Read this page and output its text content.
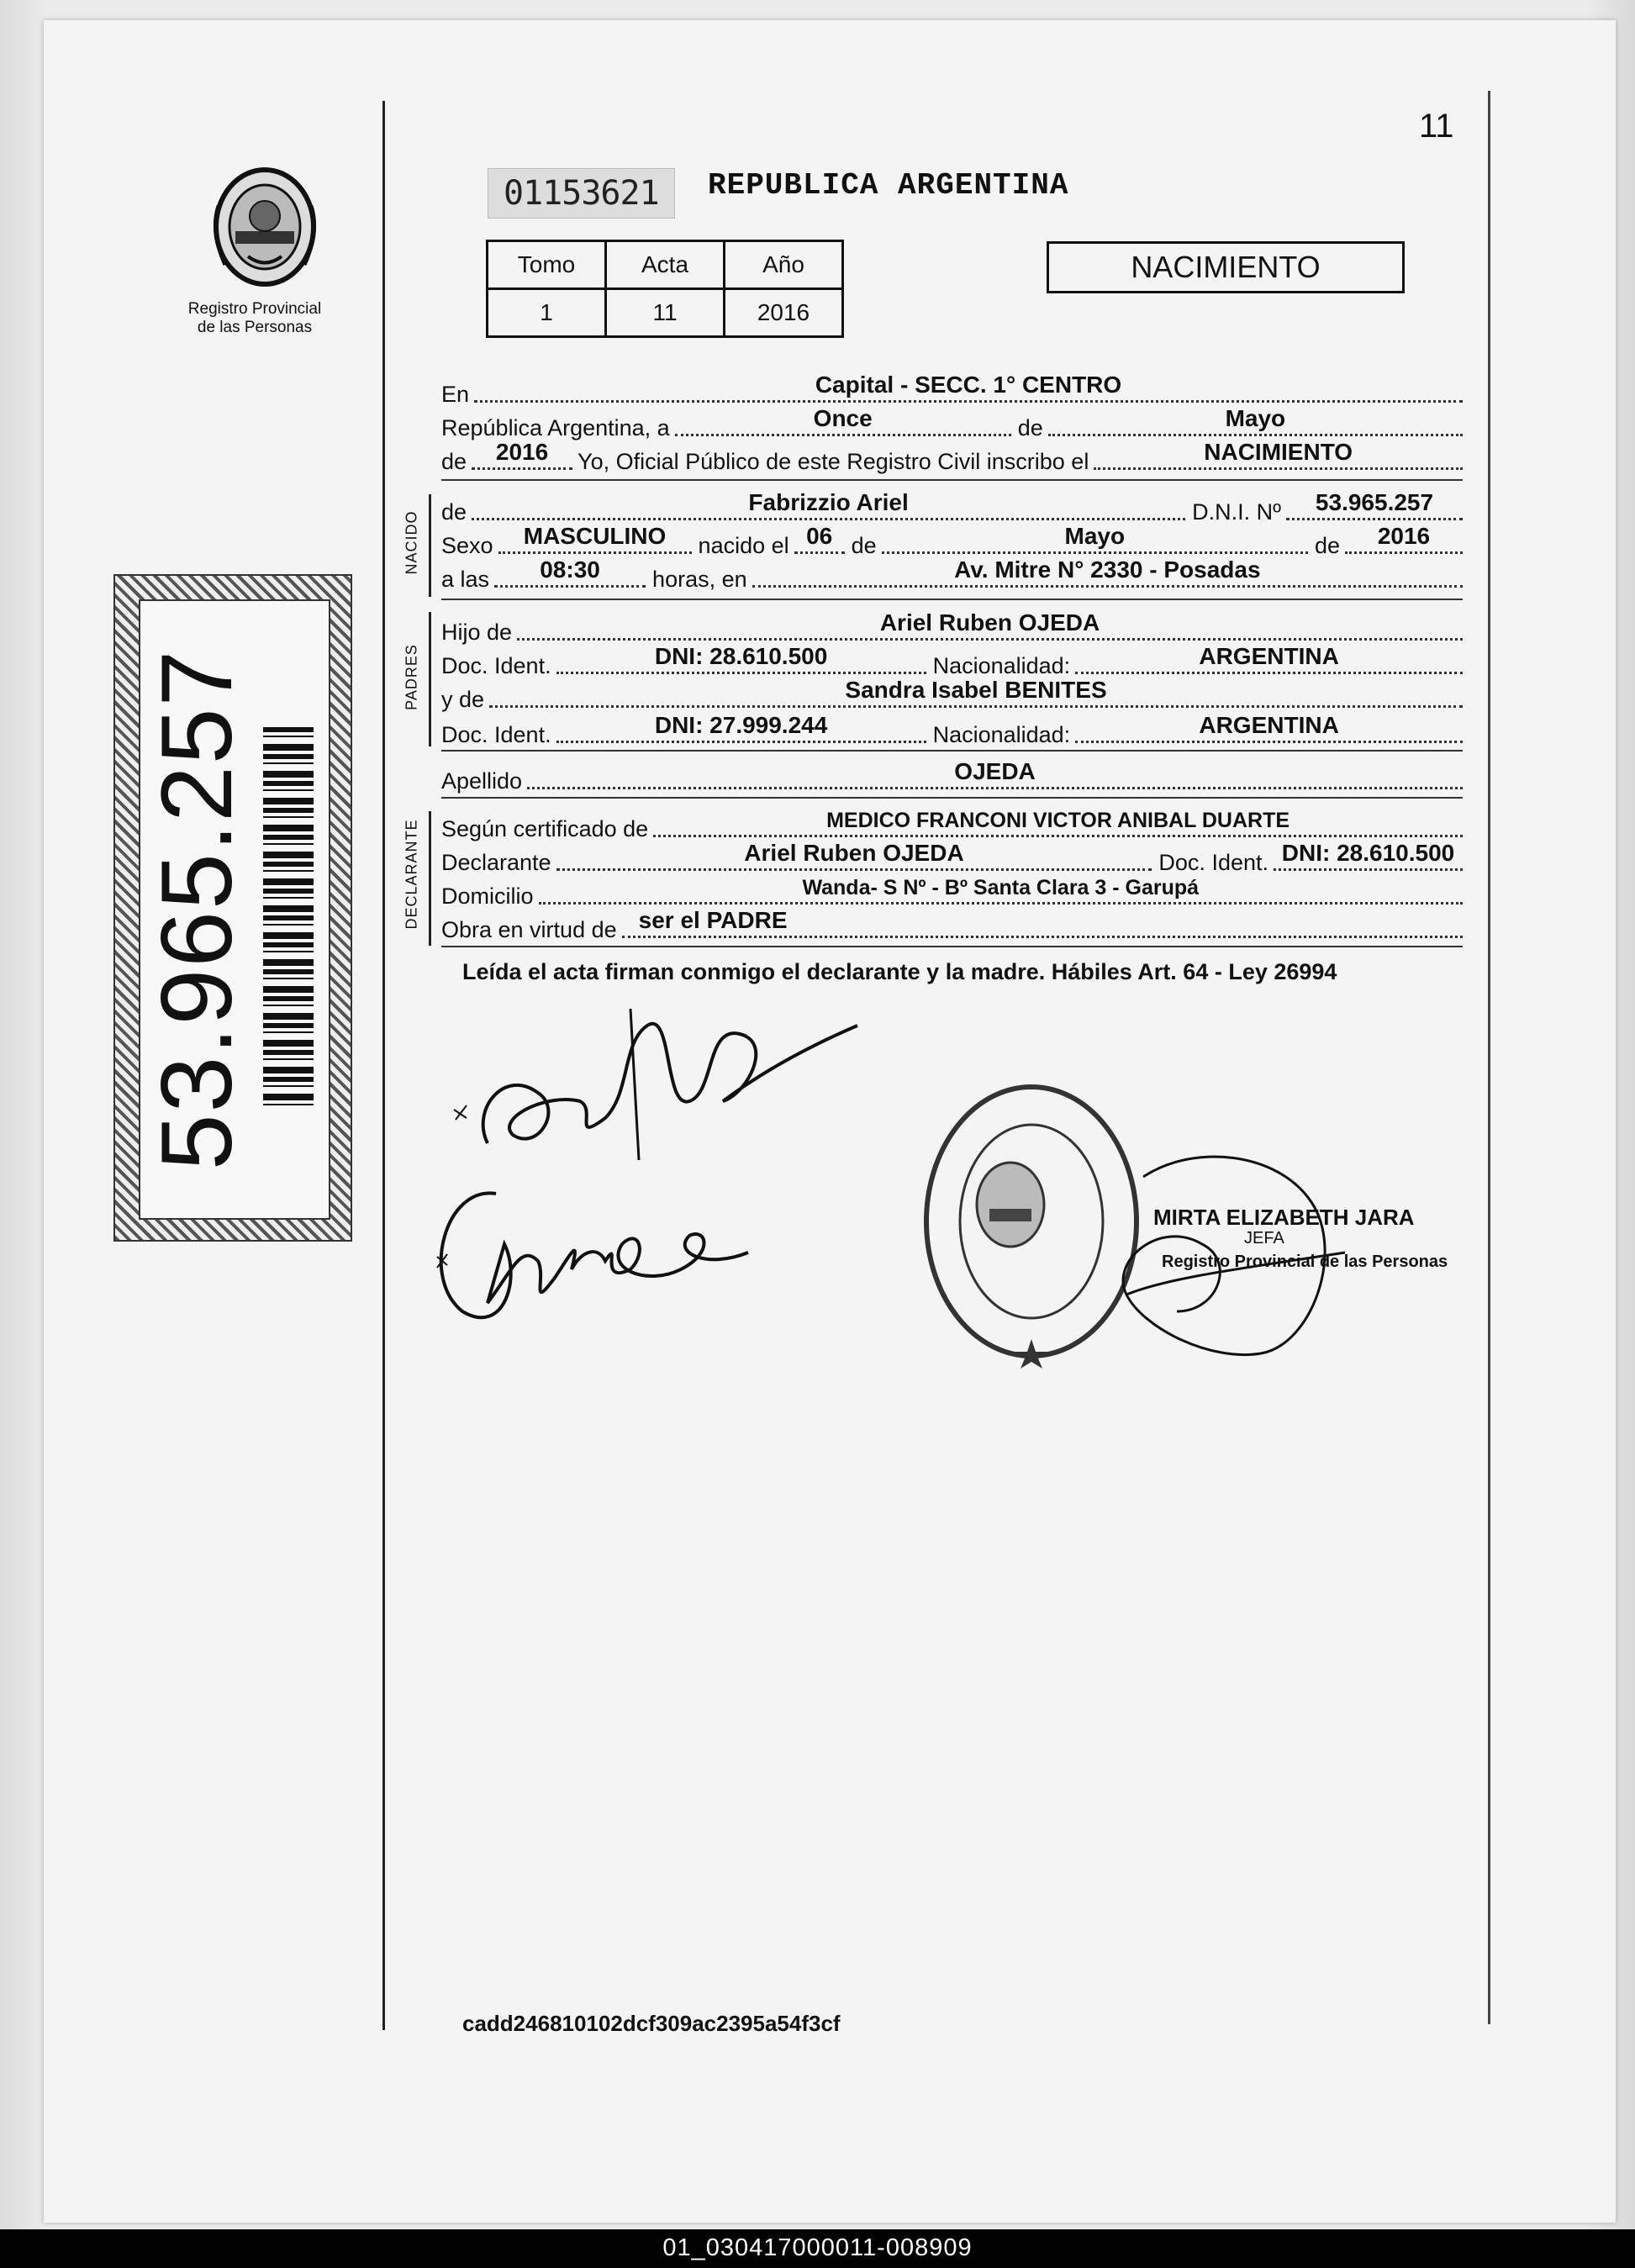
Registro Provincial
de las Personas
53.965.257
11
01153621	REPUBLICA ARGENTINA
Tomo	Acta	Año
1	11	2016
NACIMIENTO
En	Capital - SECC. 1° CENTRO
República Argentina, a	Once	de	Mayo
de	2016	Yo, Oficial Público de este Registro Civil inscribo el	NACIMIENTO
NACIDO de	Fabrizzio Ariel	D.N.I. Nº	53.965.257
Sexo	MASCULINO	nacido el 06 de	Mayo	de	2016
a las	08:30	horas, en	Av. Mitre N° 2330 - Posadas
PADRES
Hijo de	Ariel Ruben OJEDA
Doc. Ident.	DNI: 28.610.500	Nacionalidad:	ARGENTINA
y de	Sandra Isabel BENITES
Doc. Ident.	DNI: 27.999.244	Nacionalidad:	ARGENTINA
Apellido	OJEDA
DECLARANTE Según certificado de	MEDICO FRANCONI VICTOR ANIBAL DUARTE
Declarante	Ariel Ruben OJEDA	Doc. Ident. DNI: 28.610.500
Domicilio	Wanda- S Nº - Bº Santa Clara 3 - Garupá
Obra en virtud de ser el PADRE
Leída el acta firman conmigo el declarante y la madre. Hábiles Art. 64 - Ley 26994
MIRTA ELIZABETH JARA
JEFA
Registro Provincial de las Personas
cadd246810102dcf309ac2395a54f3cf
01_030417000011-008909
